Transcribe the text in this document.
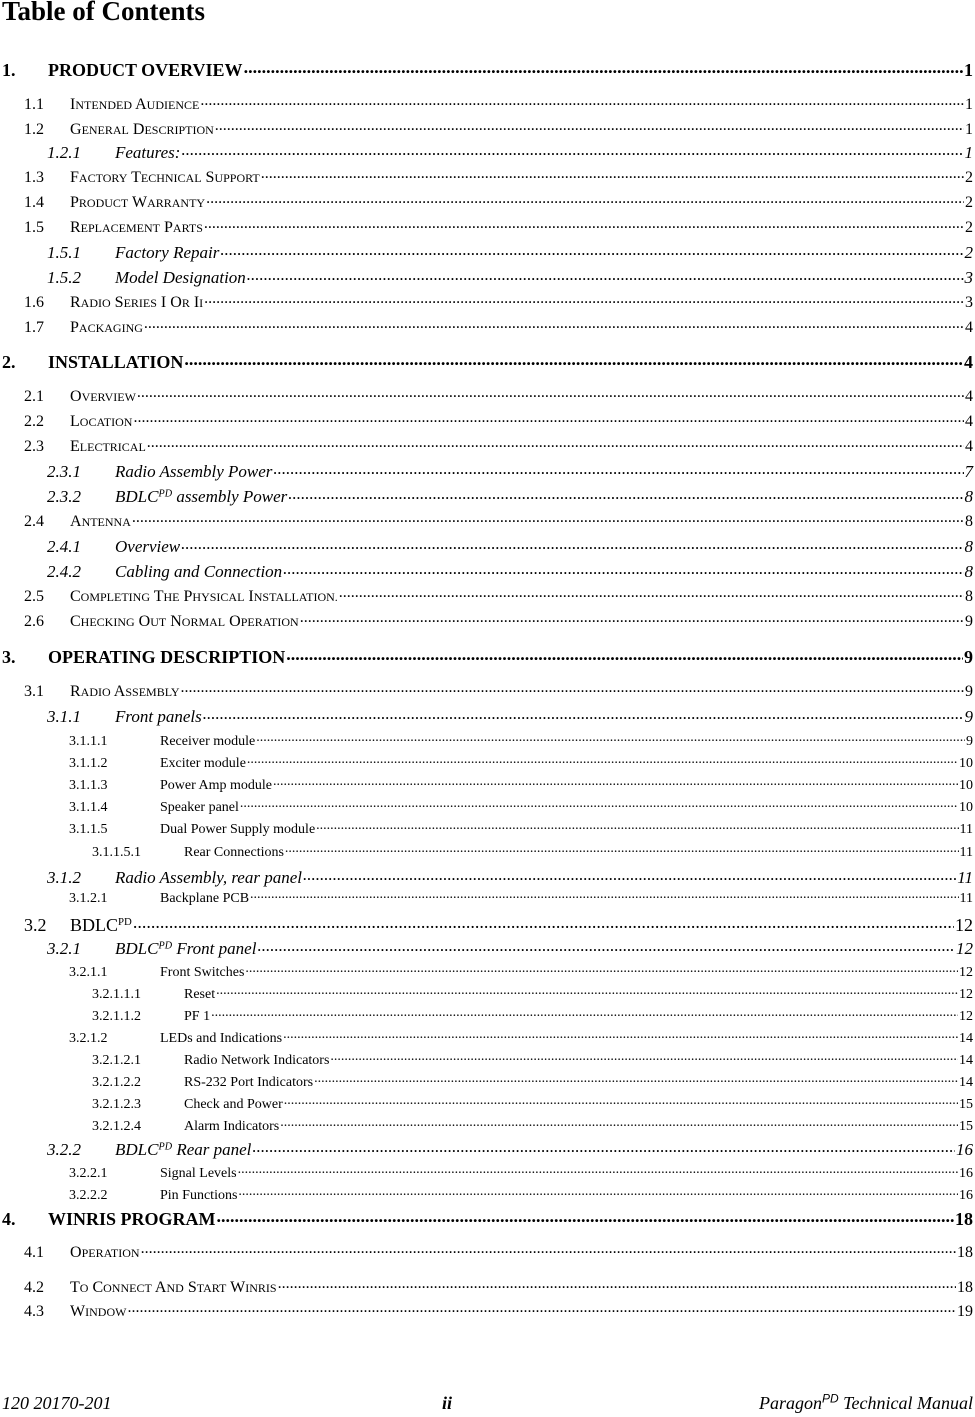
Table of Contents
1.	PRODUCT OVERVIEW .....	1
1.1	INTENDED AUDIENCE .....	1
1.2	GENERAL DESCRIPTION .....	1
1.2.1	Features: .....	1
1.3	FACTORY TECHNICAL SUPPORT .....	2
1.4	PRODUCT WARRANTY .....	2
1.5	REPLACEMENT PARTS .....	2
1.5.1	Factory Repair .....	2
1.5.2	Model Designation .....	3
1.6	RADIO SERIES I OR II .....	3
1.7	PACKAGING .....	4
2.	INSTALLATION .....	4
2.1	OVERVIEW .....	4
2.2	LOCATION .....	4
2.3	ELECTRICAL .....	4
2.3.1	Radio Assembly Power .....	7
2.3.2	$BDLC^{PD}$ assembly Power .....	8
2.4	ANTENNA .....	8
2.4.1	Overview .....	8
2.4.2	Cabling and Connection .....	8
2.5	COMPLETING THE PHYSICAL INSTALLATION. .....	8
2.6	CHECKING OUT NORMAL OPERATION .....	9
3.	OPERATING DESCRIPTION .....	9
3.1	RADIO ASSEMBLY .....	9
3.1.1	Front panels .....	9
3.1.1.1	Receiver module .....	9
3.1.1.2	Exciter module .....	10
3.1.1.3	Power Amp module .....	10
3.1.1.4	Speaker panel .....	10
3.1.1.5	Dual Power Supply module .....	11
3.1.1.5.1	Rear Connections .....	11
3.1.2	Radio Assembly, rear panel .....	11
3.1.2.1	Backplane PCB .....	11
3.2	$BDLC^{PD}$ .....	12
3.2.1	$BDLC^{PD}$ Front panel .....	12
3.2.1.1	Front Switches .....	12
3.2.1.1.1	Reset .....	12
3.2.1.1.2	PF 1 .....	12
3.2.1.2	LEDs and Indications .....	14
3.2.1.2.1	Radio Network Indicators .....	14
3.2.1.2.2	RS-232 Port Indicators .....	14
3.2.1.2.3	Check and Power .....	15
3.2.1.2.4	Alarm Indicators .....	15
3.2.2	$BDLC^{PD}$ Rear panel .....	16
3.2.2.1	Signal Levels .....	16
3.2.2.2	Pin Functions .....	16
4.	WINRIS PROGRAM .....	18
4.1	OPERATION .....	18
4.2	TO CONNECT AND START WINRIS .....	18
4.3	WINDOW .....	19
120 20170-201	ii	Paragon$^{PD}$ Technical Manual
